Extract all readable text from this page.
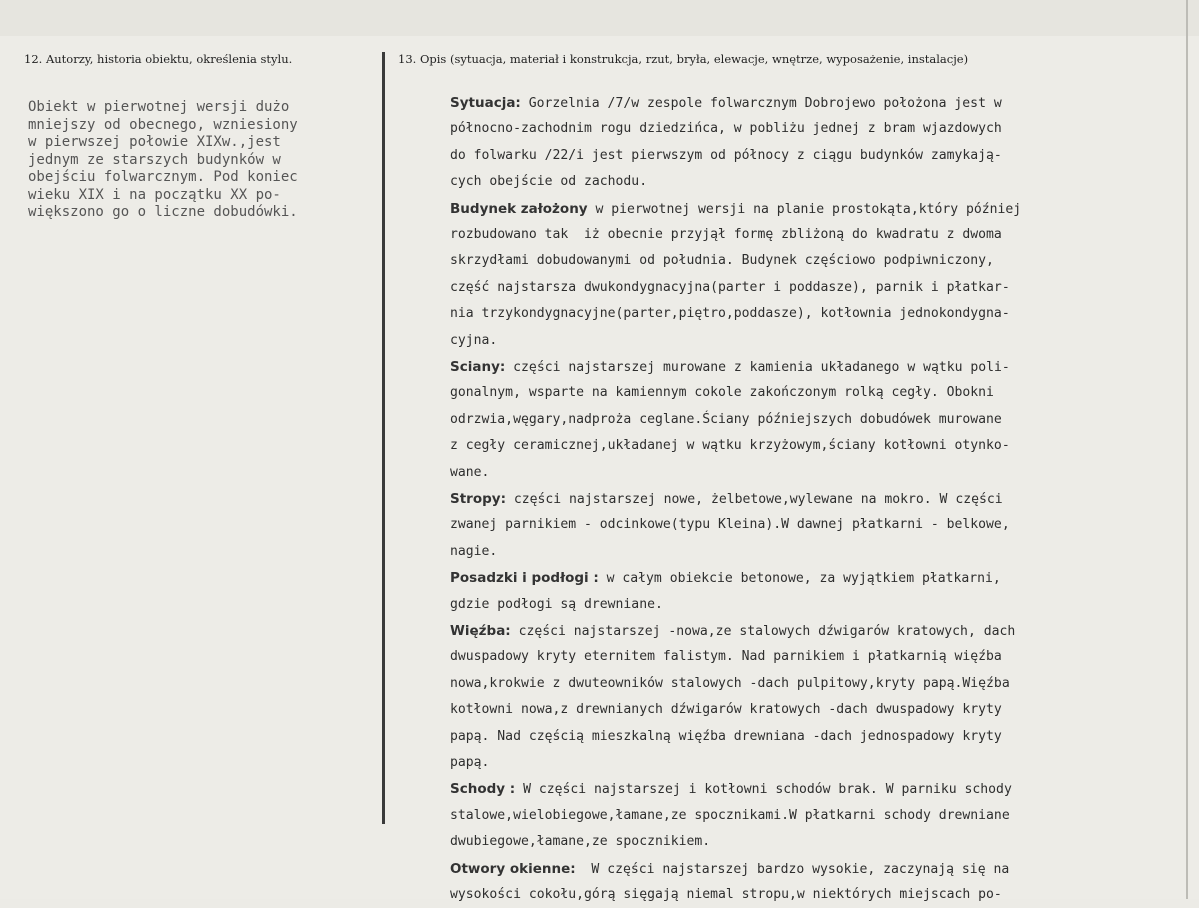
12. Autorzy, historia obiektu, określenia stylu.	13. Opis (sytuacja, materiał i konstrukcja, rzut, bryła, elewacje, wnętrze, wyposażenie, instalacje)
Obiekt w pierwotnej wersji dużo
mniejszy od obecnego, wzniesiony
w pierwszej połowie XIXw.,jest
jednym ze starszych budynków w
obejściu folwarcznym. Pod koniec
wieku XIX i na początku XX po-
większono go o liczne dobudówki.
Sytuacja: Gorzelnia /7/w zespole folwarcznym Dobrojewo położona jest w
północno-zachodnim rogu dziedzińca, w pobliżu jednej z bram wjazdowych
do folwarku /22/i jest pierwszym od północy z ciągu budynków zamykają-
cych obejście od zachodu.
Budynek założony w pierwotnej wersji na planie prostokąta,który później
rozbudowano tak  iż obecnie przyjął formę zbliżoną do kwadratu z dwoma
skrzydłami dobudowanymi od południa. Budynek częściowo podpiwniczony,
część najstarsza dwukondygnacyjna(parter i poddasze), parnik i płatkar-
nia trzykondygnacyjne(parter,piętro,poddasze), kotłownia jednokondygna-
cyjna.
Sciany: części najstarszej murowane z kamienia układanego w wątku poli-
gonalnym, wsparte na kamiennym cokole zakończonym rolką cegły. Obokni
odrzwia,węgary,nadproża ceglane.Ściany późniejszych dobudówek murowane
z cegły ceramicznej,układanej w wątku krzyżowym,ściany kotłowni otynko-
wane.
Stropy: części najstarszej nowe, żelbetowe,wylewane na mokro. W części
zwanej parnikiem - odcinkowe(typu Kleina).W dawnej płatkarni - belkowe,
nagie.
Posadzki i podłogi : w całym obiekcie betonowe, za wyjątkiem płatkarni,
gdzie podłogi są drewniane.
Więźba: części najstarszej -nowa,ze stalowych dźwigarów kratowych, dach
dwuspadowy kryty eternitem falistym. Nad parnikiem i płatkarnią więźba
nowa,krokwie z dwuteowników stalowych -dach pulpitowy,kryty papą.Więźba
kotłowni nowa,z drewnianych dźwigarów kratowych -dach dwuspadowy kryty
papą. Nad częścią mieszkalną więźba drewniana -dach jednospadowy kryty
papą.
Schody : W części najstarszej i kotłowni schodów brak. W parniku schody
stalowe,wielobiegowe,łamane,ze spocznikami.W płatkarni schody drewniane
dwubiegowe,łamane,ze spocznikiem.
Otwory okienne:  W części najstarszej bardzo wysokie, zaczynają się na
wysokości cokołu,górą sięgają niemal stropu,w niektórych miejscach po-
